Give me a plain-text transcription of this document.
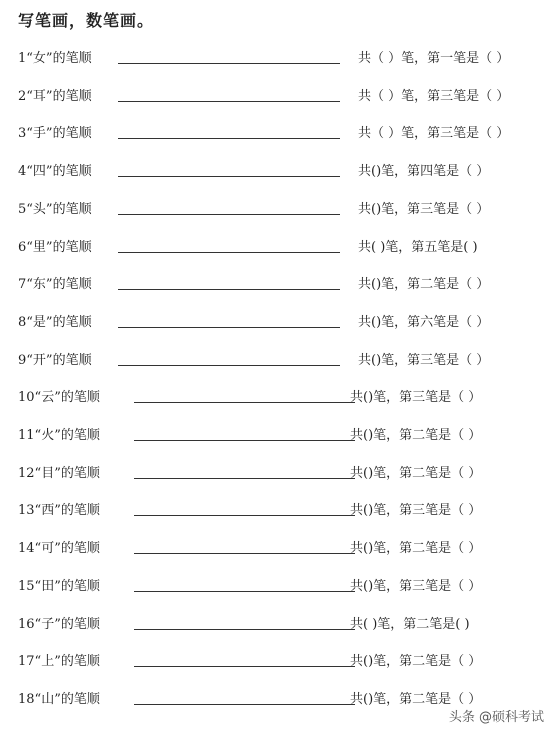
写笔画，数笔画。
1“女”的笔顺	共（ ）笔，第一笔是（ ）
2“耳”的笔顺	共（ ）笔，第三笔是（ ）
3“手”的笔顺	共（ ）笔，第三笔是（ ）
4“四”的笔顺	共()笔，第四笔是（ ）
5“头”的笔顺	共()笔，第三笔是（ ）
6“里”的笔顺	共( )笔，第五笔是( )
7“东”的笔顺	共()笔，第二笔是（ ）
8“是”的笔顺	共()笔，第六笔是（ ）
9“开”的笔顺	共()笔，第三笔是（ ）
10“云”的笔顺	共()笔，第三笔是（ ）
11“火”的笔顺	共()笔，第二笔是（ ）
12“目”的笔顺	共()笔，第二笔是（ ）
13“西”的笔顺	共()笔，第三笔是（ ）
14“可”的笔顺	共()笔，第二笔是（ ）
15“田”的笔顺	共()笔，第三笔是（ ）
16“子”的笔顺	共( )笔，第二笔是( )
17“上”的笔顺	共()笔，第二笔是（ ）
18“山”的笔顺	共()笔，第二笔是（ ）
头条 @硕科考试
